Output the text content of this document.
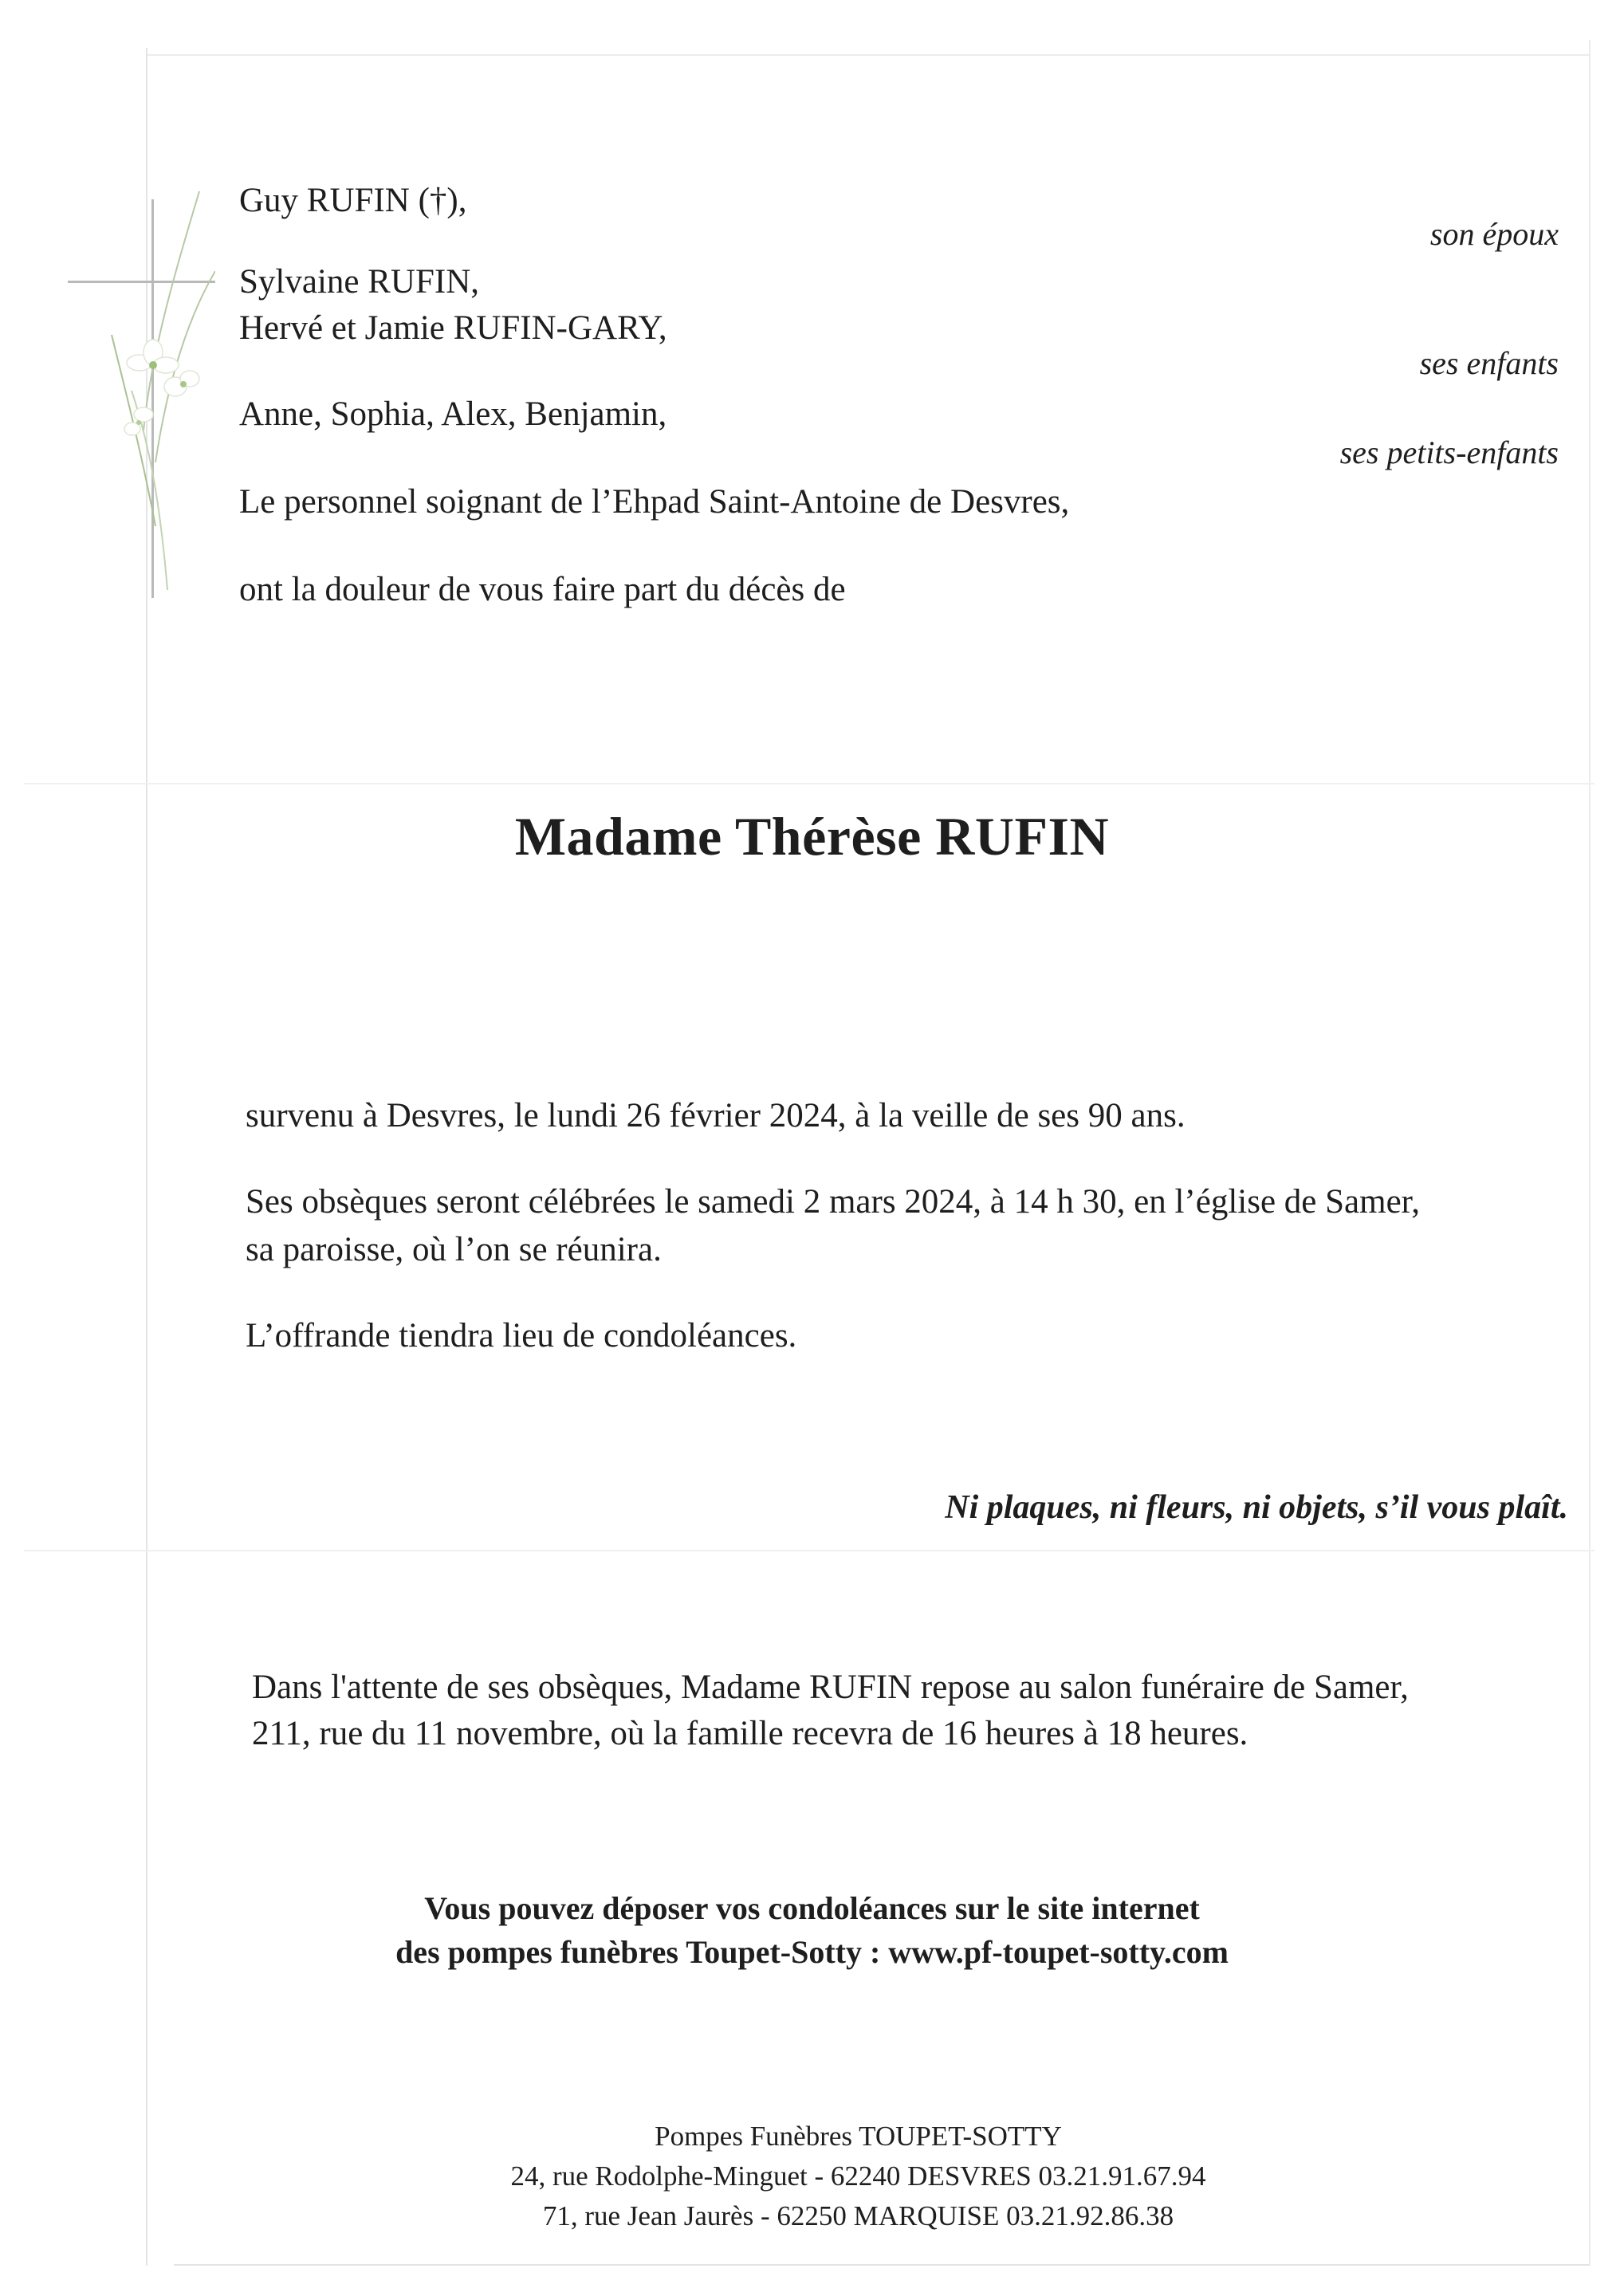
Guy RUFIN (†),
son époux
Sylvaine RUFIN,
Hervé et Jamie RUFIN-GARY,
ses enfants
Anne, Sophia, Alex, Benjamin,
ses petits-enfants
Le personnel soignant de l’Ehpad Saint-Antoine de Desvres,
ont la douleur de vous faire part du décès de
Madame Thérèse RUFIN
survenu à Desvres, le lundi 26 février 2024, à la veille de ses 90 ans.
Ses obsèques seront célébrées le samedi 2 mars 2024, à 14 h 30, en l’église de Samer,
sa paroisse, où l’on se réunira.
L’offrande tiendra lieu de condoléances.
Ni plaques, ni fleurs, ni objets, s’il vous plaît.
Dans l'attente de ses obsèques, Madame RUFIN repose au salon funéraire de Samer,
211, rue du 11 novembre, où la famille recevra de 16 heures à 18 heures.
Vous pouvez déposer vos condoléances sur le site internet
des pompes funèbres Toupet-Sotty : www.pf-toupet-sotty.com
Pompes Funèbres TOUPET-SOTTY
24, rue Rodolphe-Minguet - 62240 DESVRES 03.21.91.67.94
71, rue Jean Jaurès - 62250 MARQUISE 03.21.92.86.38
